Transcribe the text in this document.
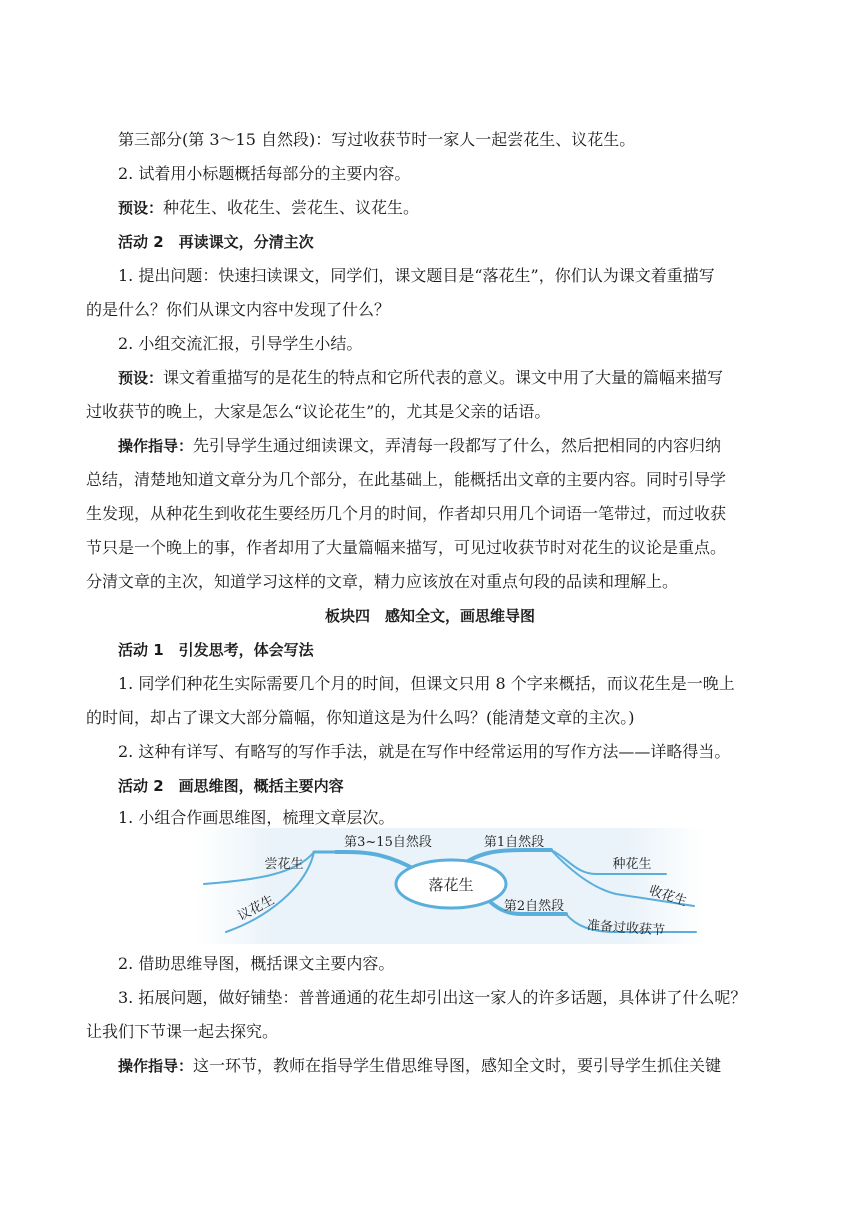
第三部分(第 3〜15 自然段)：写过收获节时一家人一起尝花生、议花生。
2. 试着用小标题概括每部分的主要内容。
预设：种花生、收花生、尝花生、议花生。
活动 2　再读课文，分清主次
1. 提出问题：快速扫读课文，同学们，课文题目是“落花生”，你们认为课文着重描写
的是什么？你们从课文内容中发现了什么？
2. 小组交流汇报，引导学生小结。
预设：课文着重描写的是花生的特点和它所代表的意义。课文中用了大量的篇幅来描写
过收获节的晚上，大家是怎么“议论花生”的，尤其是父亲的话语。
操作指导：先引导学生通过细读课文，弄清每一段都写了什么，然后把相同的内容归纳
总结，清楚地知道文章分为几个部分，在此基础上，能概括出文章的主要内容。同时引导学
生发现，从种花生到收花生要经历几个月的时间，作者却只用几个词语一笔带过，而过收获
节只是一个晚上的事，作者却用了大量篇幅来描写，可见过收获节时对花生的议论是重点。
分清文章的主次，知道学习这样的文章，精力应该放在对重点句段的品读和理解上。
板块四　感知全文，画思维导图
活动 1　引发思考，体会写法
1. 同学们种花生实际需要几个月的时间，但课文只用 8 个字来概括，而议花生是一晚上
的时间，却占了课文大部分篇幅，你知道这是为什么吗？(能清楚文章的主次。)
2. 这种有详写、有略写的写作手法，就是在写作中经常运用的写作方法——详略得当。
活动 2　画思维图，概括主要内容
1. 小组合作画思维图，梳理文章层次。
落花生
第3~15自然段	第1自然段
第2自然段
尝花生
议花生
种花生
收花生
准备过收获节
2. 借助思维导图，概括课文主要内容。
3. 拓展问题，做好铺垫：普普通通的花生却引出这一家人的许多话题，具体讲了什么呢？
让我们下节课一起去探究。
操作指导：这一环节，教师在指导学生借思维导图，感知全文时，要引导学生抓住关键
